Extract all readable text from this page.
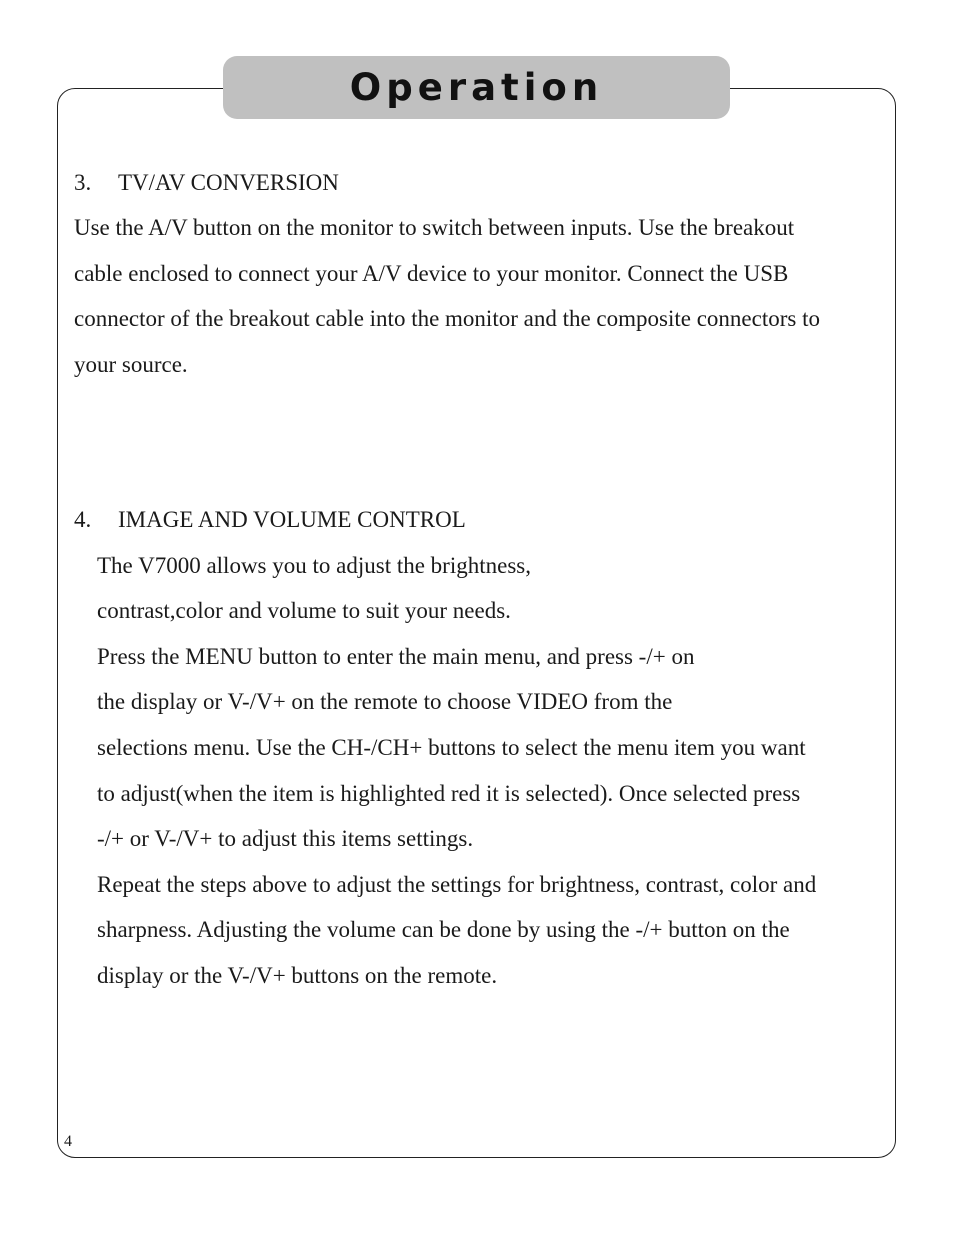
Operation
3. TV/AV CONVERSION
Use the A/V button on the monitor to switch between inputs. Use the breakout
cable enclosed to connect your A/V device to your monitor. Connect the USB
connector of the breakout cable into the monitor and the composite connectors to
your source.
4. IMAGE AND VOLUME CONTROL
The V7000 allows you to adjust the brightness,
contrast,color and volume to suit your needs.
Press the MENU button to enter the main menu, and press -/+ on
the display or V-/V+ on the remote to choose VIDEO from the
selections menu. Use the CH-/CH+ buttons to select the menu item you want
to adjust(when the item is highlighted red it is selected). Once selected press
-/+ or V-/V+ to adjust this items settings.
Repeat the steps above to adjust the settings for brightness, contrast, color and
sharpness. Adjusting the volume can be done by using the -/+ button on the
display or the V-/V+ buttons on the remote.
4
